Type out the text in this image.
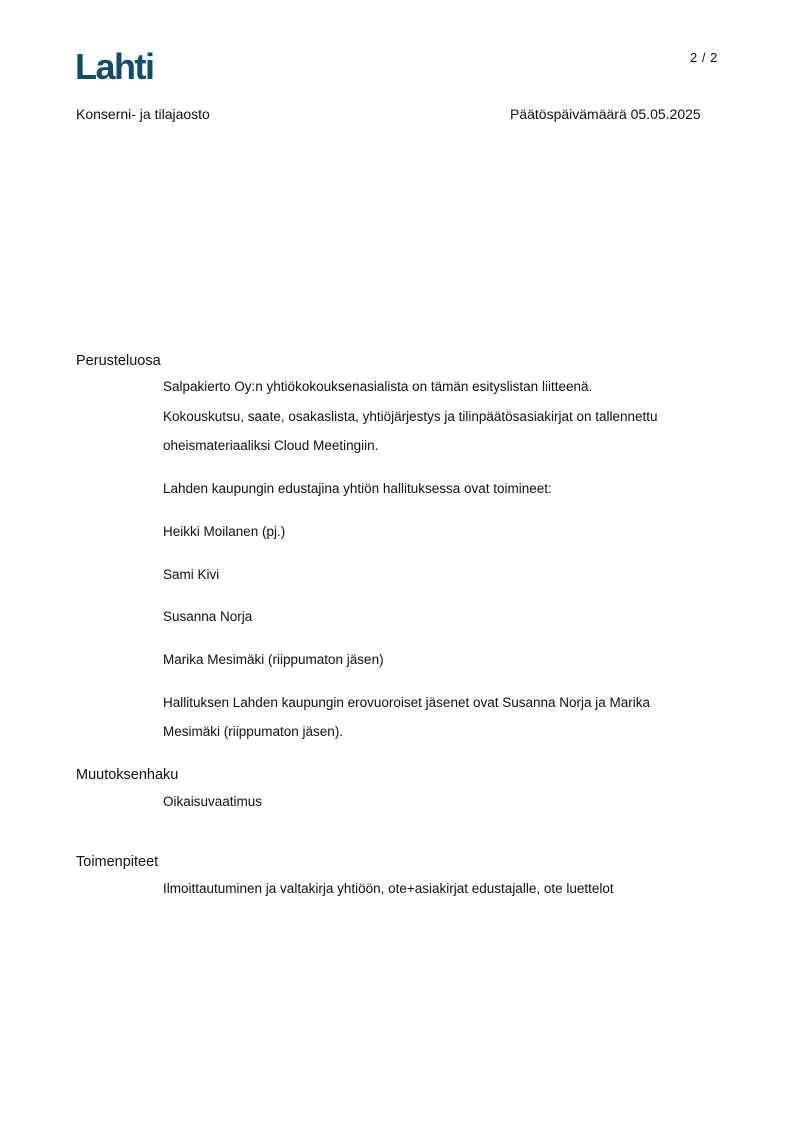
Lahti	2 / 2
Konserni- ja tilajaosto	Päätöspäivämäärä 05.05.2025
Perusteluosa
Salpakierto Oy:n yhtiökokouksenasialista on tämän esityslistan liitteenä.
Kokouskutsu, saate, osakaslista, yhtiöjärjestys ja tilinpäätösasiakirjat on tallennettu
oheismateriaaliksi Cloud Meetingiin.
Lahden kaupungin edustajina yhtiön hallituksessa ovat toimineet:
Heikki Moilanen (pj.)
Sami Kivi
Susanna Norja
Marika Mesimäki (riippumaton jäsen)
Hallituksen Lahden kaupungin erovuoroiset jäsenet ovat Susanna Norja ja Marika
Mesimäki (riippumaton jäsen).
Muutoksenhaku
Oikaisuvaatimus
Toimenpiteet
Ilmoittautuminen ja valtakirja yhtiöön, ote+asiakirjat edustajalle, ote luettelot
